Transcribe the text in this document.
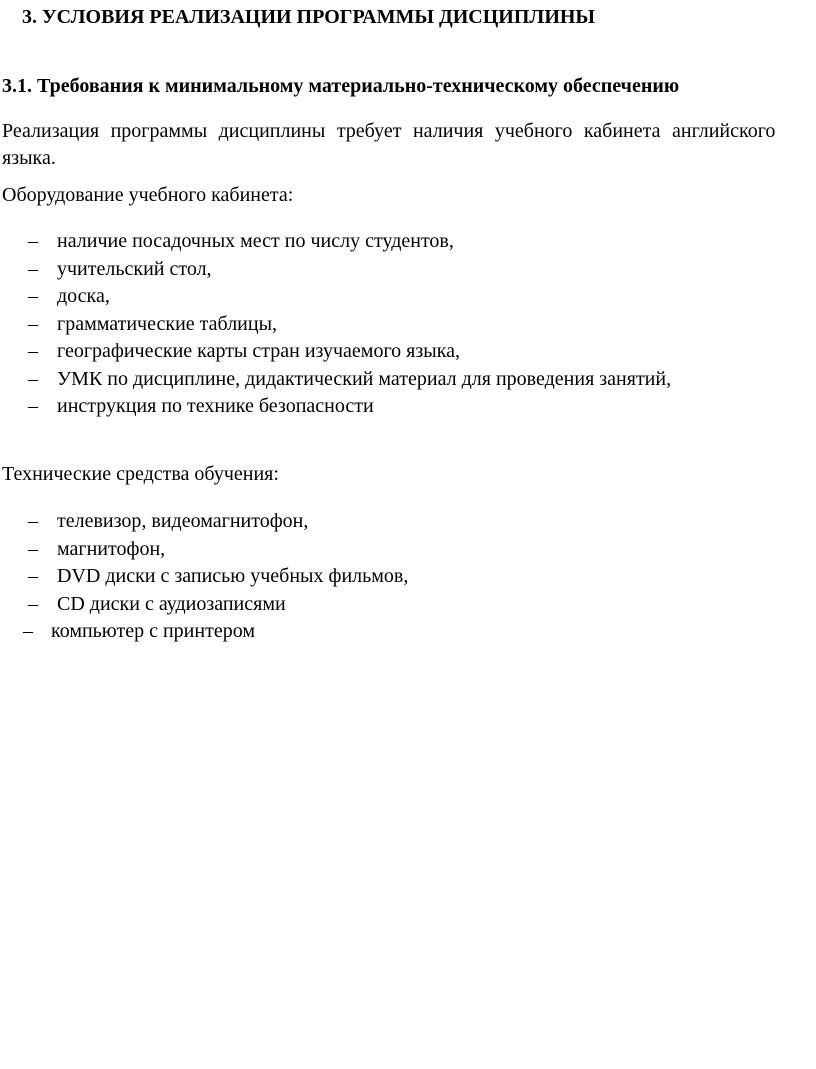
3. УСЛОВИЯ РЕАЛИЗАЦИИ ПРОГРАММЫ ДИСЦИПЛИНЫ
3.1. Требования к минимальному материально-техническому обеспечению
Реализация программы дисциплины требует наличия учебного кабинета английского
языка.
Оборудование учебного кабинета:
– наличие посадочных мест по числу студентов,
– учительский стол,
– доска,
– грамматические таблицы,
– географические карты стран изучаемого языка,
– УМК по дисциплине, дидактический материал для проведения занятий,
– инструкция по технике безопасности
Технические средства обучения:
– телевизор, видеомагнитофон,
– магнитофон,
– DVD диски с записью учебных фильмов,
– CD диски с аудиозаписями
– компьютер с принтером
